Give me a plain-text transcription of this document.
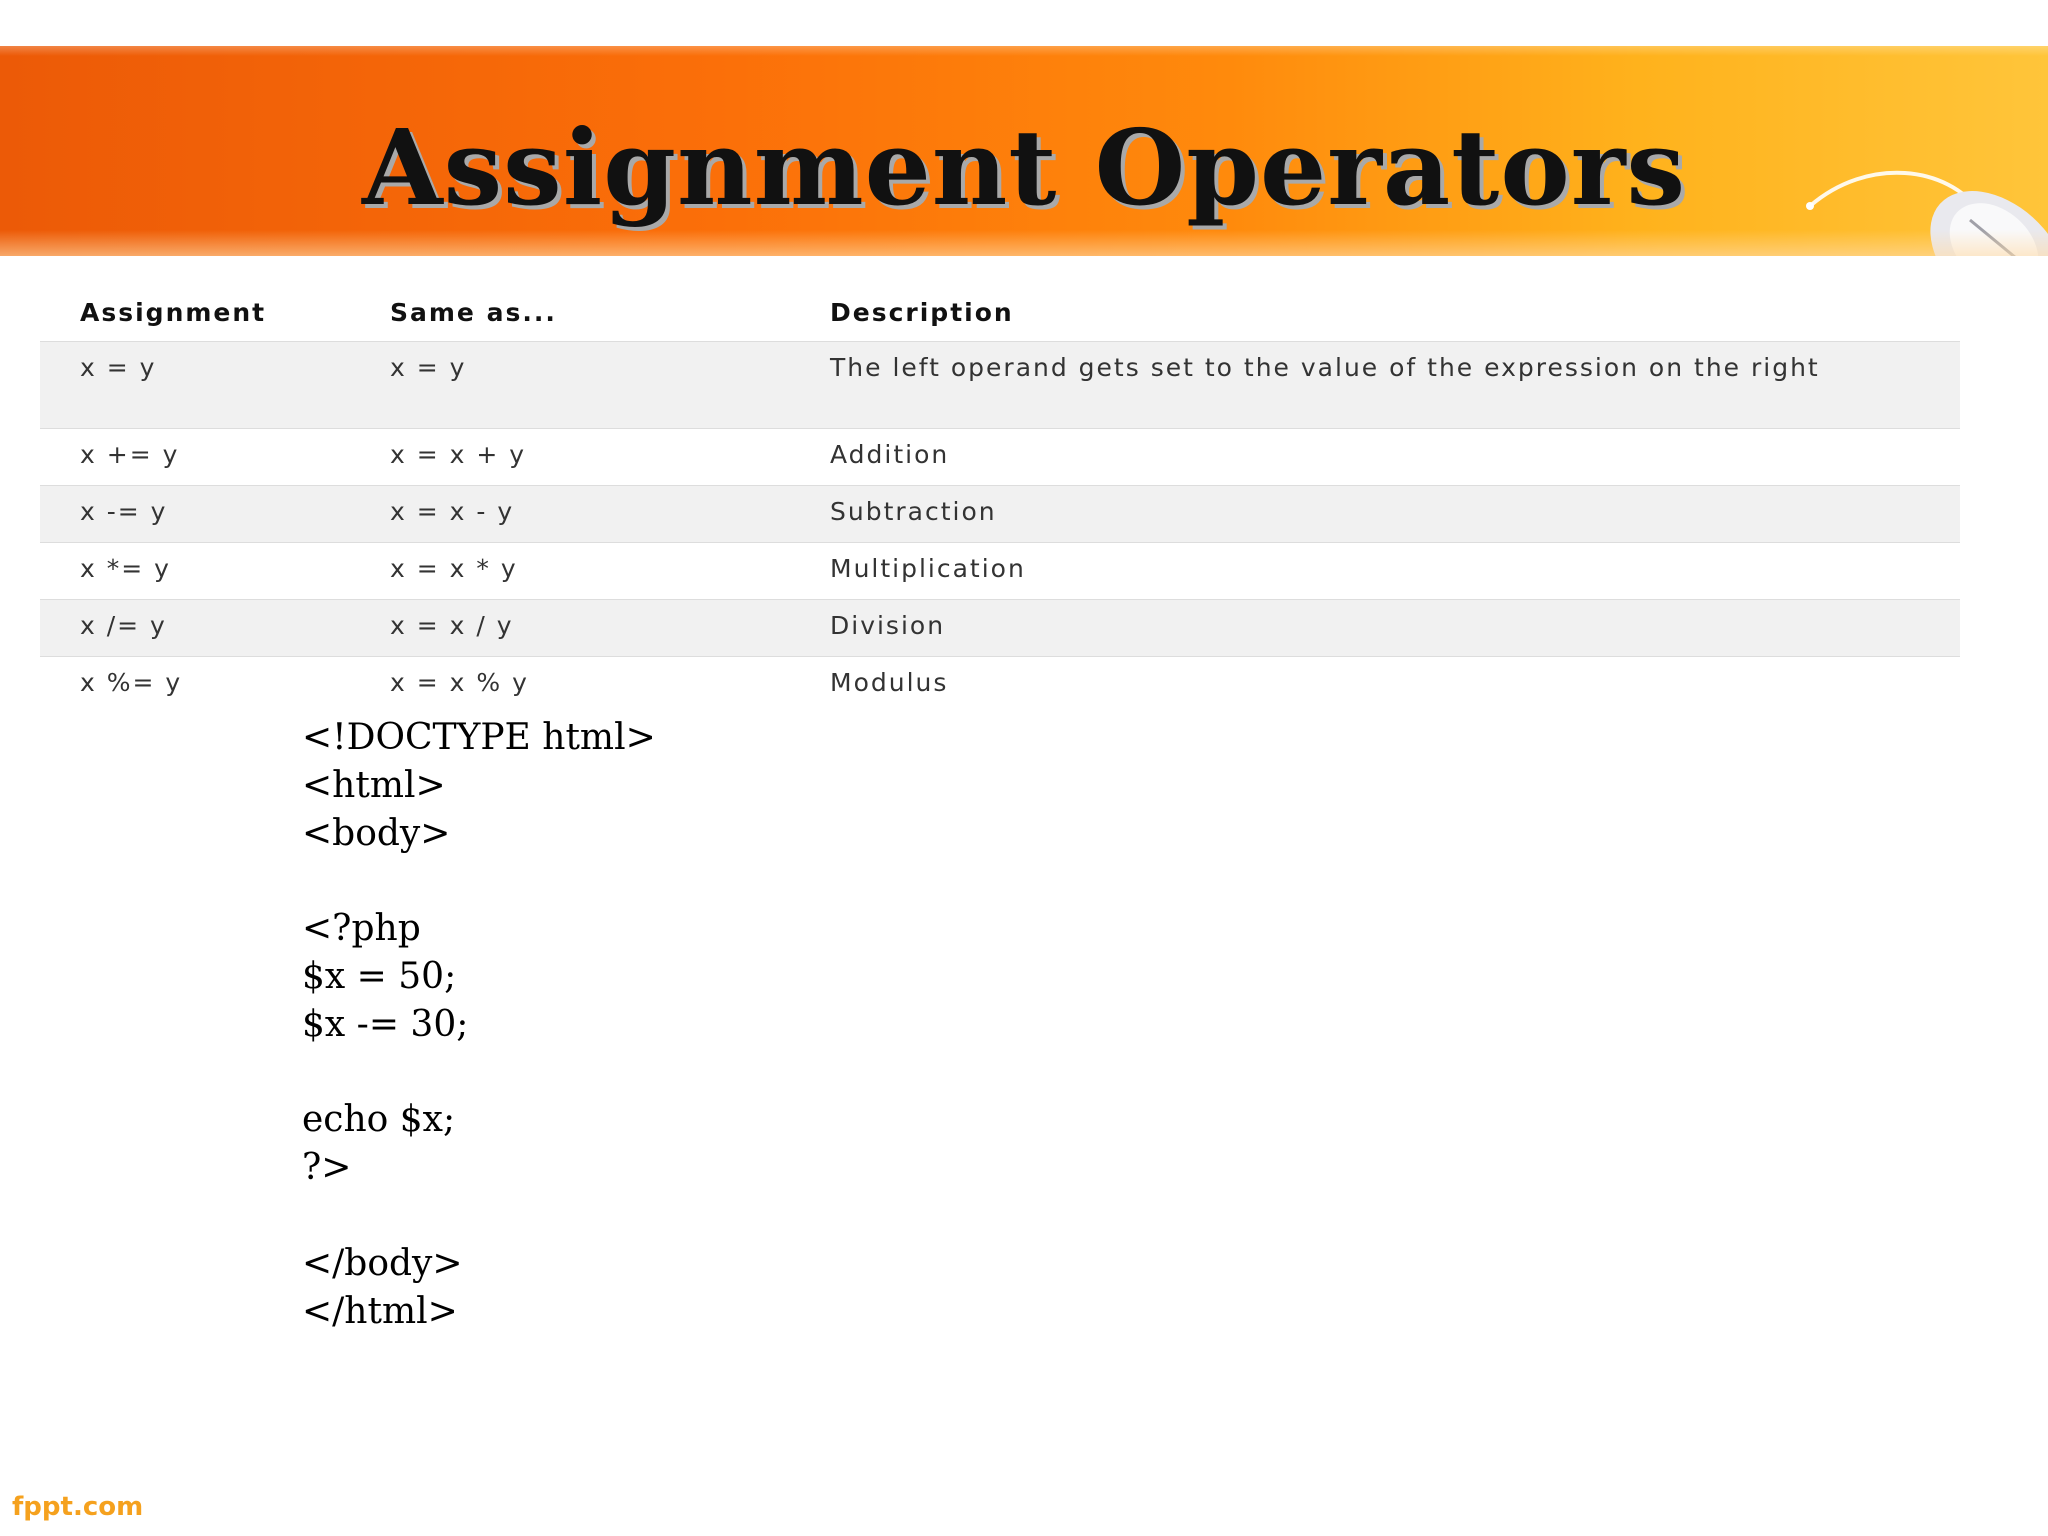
Assignment Operators
Assignment	Same as...	Description
x = y	x = y	The left operand gets set to the value of the expression on the right
x += y	x = x + y	Addition
x -= y	x = x - y	Subtraction
x *= y	x = x * y	Multiplication
x /= y	x = x / y	Division
x %= y	x = x % y	Modulus
<!DOCTYPE html>
<html>
<body>
<?php
$x = 50;
$x -= 30;
echo $x;
?>
</body>
</html>
fppt.com
